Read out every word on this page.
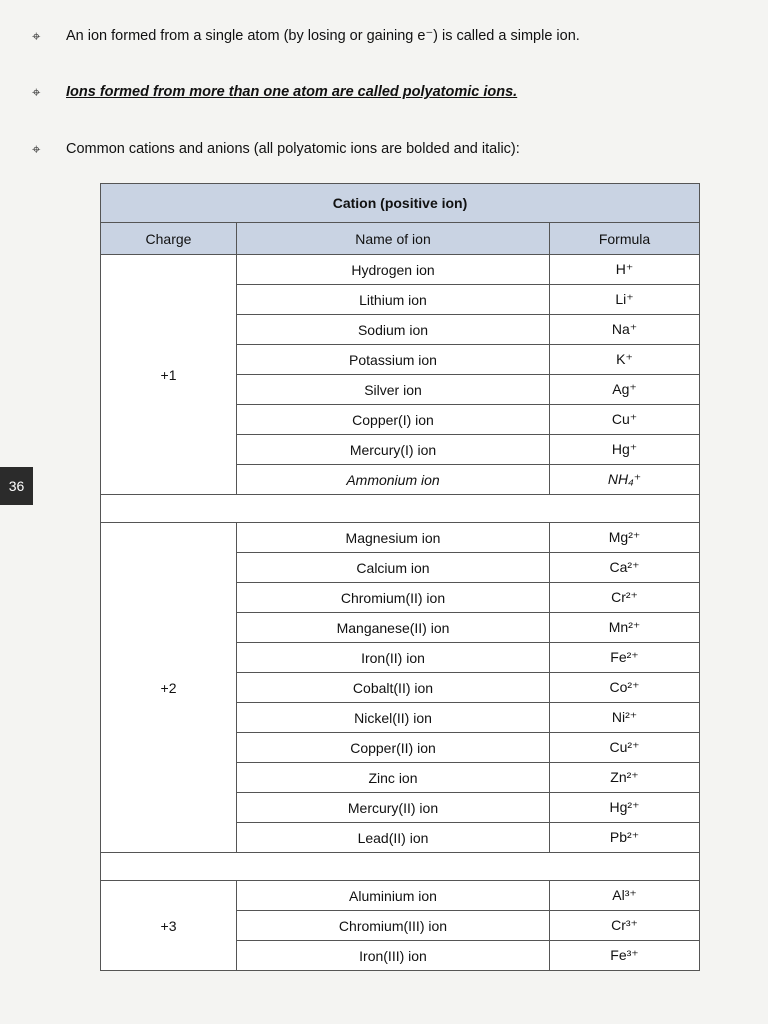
⌖ An ion formed from a single atom (by losing or gaining e⁻) is called a simple ion.
⌖ Ions formed from more than one atom are called polyatomic ions.
⌖ Common cations and anions (all polyatomic ions are bolded and italic):
36
Cation (positive ion)		
Charge	Name of ion	Formula
+1	Hydrogen ion	H⁺
	Lithium ion	Li⁺
	Sodium ion	Na⁺
	Potassium ion	K⁺
	Silver ion	Ag⁺
	Copper(I) ion	Cu⁺
	Mercury(I) ion	Hg⁺
	Ammonium ion	NH₄⁺

+2	Magnesium ion	Mg²⁺
	Calcium ion	Ca²⁺
	Chromium(II) ion	Cr²⁺
	Manganese(II) ion	Mn²⁺
	Iron(II) ion	Fe²⁺
	Cobalt(II) ion	Co²⁺
	Nickel(II) ion	Ni²⁺
	Copper(II) ion	Cu²⁺
	Zinc ion	Zn²⁺
	Mercury(II) ion	Hg²⁺
	Lead(II) ion	Pb²⁺

+3	Aluminium ion	Al³⁺
	Chromium(III) ion	Cr³⁺
	Iron(III) ion	Fe³⁺
